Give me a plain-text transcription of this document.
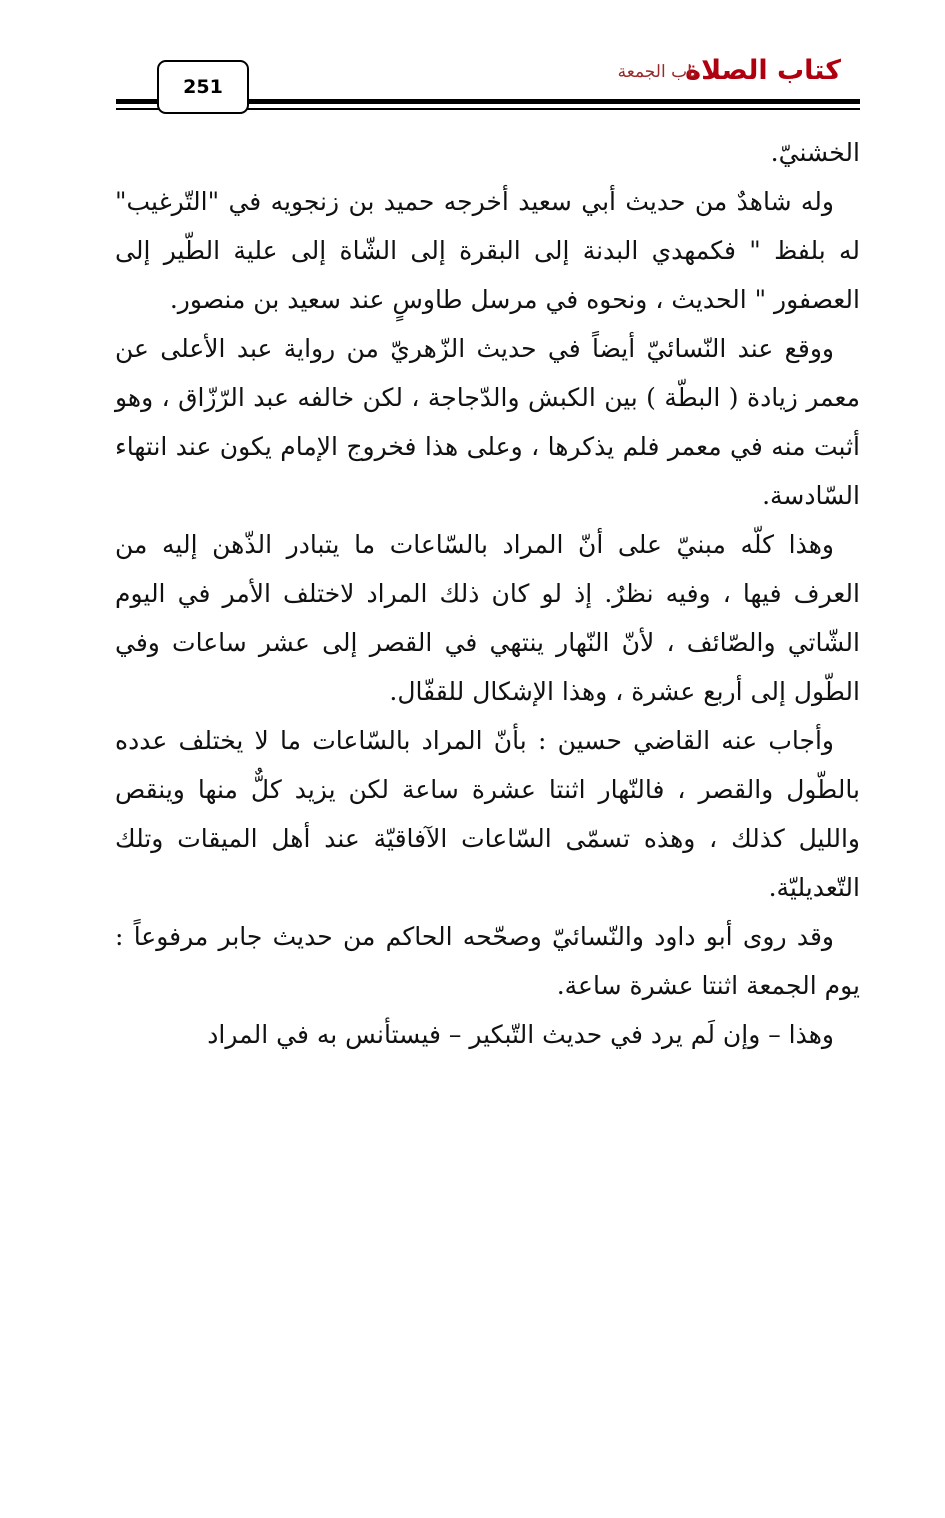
كتاب الصلاة
باب الجمعة
251

الخشنيّ.

وله شاهدٌ من حديث أبي سعيد أخرجه حميد بن زنجويه في "التّرغيب" له بلفظ " فكمهدي البدنة إلى البقرة إلى الشّاة إلى علية الطّير إلى العصفور " الحديث ، ونحوه في مرسل طاوسٍ عند سعيد بن منصور.

ووقع عند النّسائيّ أيضاً في حديث الزّهريّ من رواية عبد الأعلى عن معمر زيادة ( البطّة ) بين الكبش والدّجاجة ، لكن خالفه عبد الرّزّاق ، وهو أثبت منه في معمر فلم يذكرها ، وعلى هذا فخروج الإمام يكون عند انتهاء السّادسة.

وهذا كلّه مبنيّ على أنّ المراد بالسّاعات ما يتبادر الذّهن إليه من العرف فيها ، وفيه نظرٌ. إذ لو كان ذلك المراد لاختلف الأمر في اليوم الشّاتي والصّائف ، لأنّ النّهار ينتهي في القصر إلى عشر ساعات وفي الطّول إلى أربع عشرة ، وهذا الإشكال للقفّال.

وأجاب عنه القاضي حسين : بأنّ المراد بالسّاعات ما لا يختلف عدده بالطّول والقصر ، فالنّهار اثنتا عشرة ساعة لكن يزيد كلٌّ منها وينقص والليل كذلك ، وهذه تسمّى السّاعات الآفاقيّة عند أهل الميقات وتلك التّعديليّة.

وقد روى أبو داود والنّسائيّ وصحّحه الحاكم من حديث جابر مرفوعاً : يوم الجمعة اثنتا عشرة ساعة.

وهذا – وإن لَم يرد في حديث التّبكير – فيستأنس به في المراد
